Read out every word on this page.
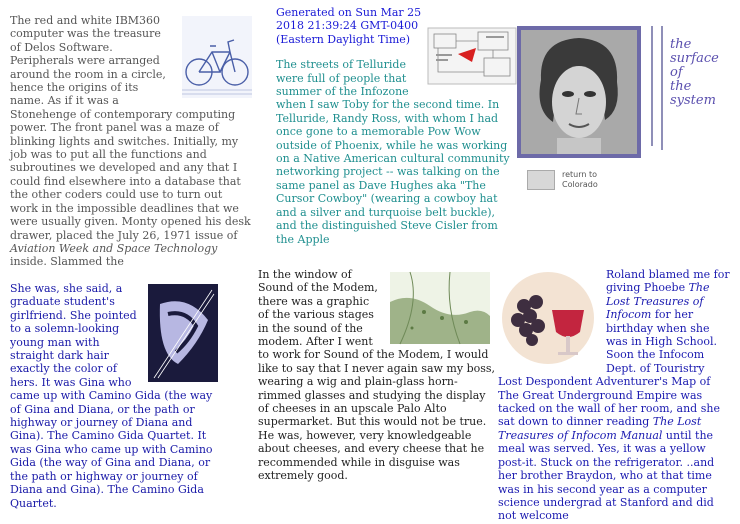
The red and white IBM360 computer was the treasure of Delos Software. Peripherals were arranged around the room in a circle, hence the origins of its name. As if it was a Stonehenge of contemporary computing power. The front panel was a maze of blinking lights and switches. Initially, my job was to put all the functions and subroutines we developed and any that I could find elsewhere into a database that the other coders could use to turn out work in the impossible deadlines that we were usually given. Monty opened his desk drawer, placed the July 26, 1971 issue of Aviation Week and Space Technology inside. Slammed the

Generated on Sun Mar 25
2018 21:39:24 GMT-0400
(Eastern Daylight Time)

The streets of Telluride were full of people that summer of the Infozone when I saw Toby for the second time. In Telluride, Randy Ross, with whom I had once gone to a memorable Pow Wow outside of Phoenix, while he was working on a Native American cultural community networking project -- was talking on the same panel as Dave Hughes aka "The Cursor Cowboy" (wearing a cowboy hat and a silver and turquoise belt buckle), and the distinguished Steve Cisler from the Apple

the
surface
of
the
system
return to Colorado

She was, she said, a graduate student's girlfriend. She pointed to a solemn-looking young man with straight dark hair exactly the color of hers. It was Gina who came up with Camino Gida (the way of Gina and Diana, or the path or highway or journey of Diana and Gina). The Camino Gida Quartet. It was Gina who came up with Camino Gida (the way of Gina and Diana, or the path or highway or journey of Diana and Gina). The Camino Gida Quartet.

In the window of Sound of the Modem, there was a graphic of the various stages in the sound of the modem. After I went to work for Sound of the Modem, I would like to say that I never again saw my boss, wearing a wig and plain-glass horn-rimmed glasses and studying the display of cheeses in an upscale Palo Alto supermarket. But this would not be true. He was, however, very knowledgeable about cheeses, and every cheese that he recommended while in disguise was extremely good.

Roland blamed me for giving Phoebe The Lost Treasures of Infocom for her birthday when she was in High School. Soon the Infocom Dept. of Touristry Lost Despondent Adventurer's Map of The Great Underground Empire was tacked on the wall of her room, and she sat down to dinner reading The Lost Treasures of Infocom Manual until the meal was served. Yes, it was a yellow post-it. Stuck on the refrigerator. ..and her brother Braydon, who at that time was in his second year as a computer science undergrad at Stanford and did not welcome
